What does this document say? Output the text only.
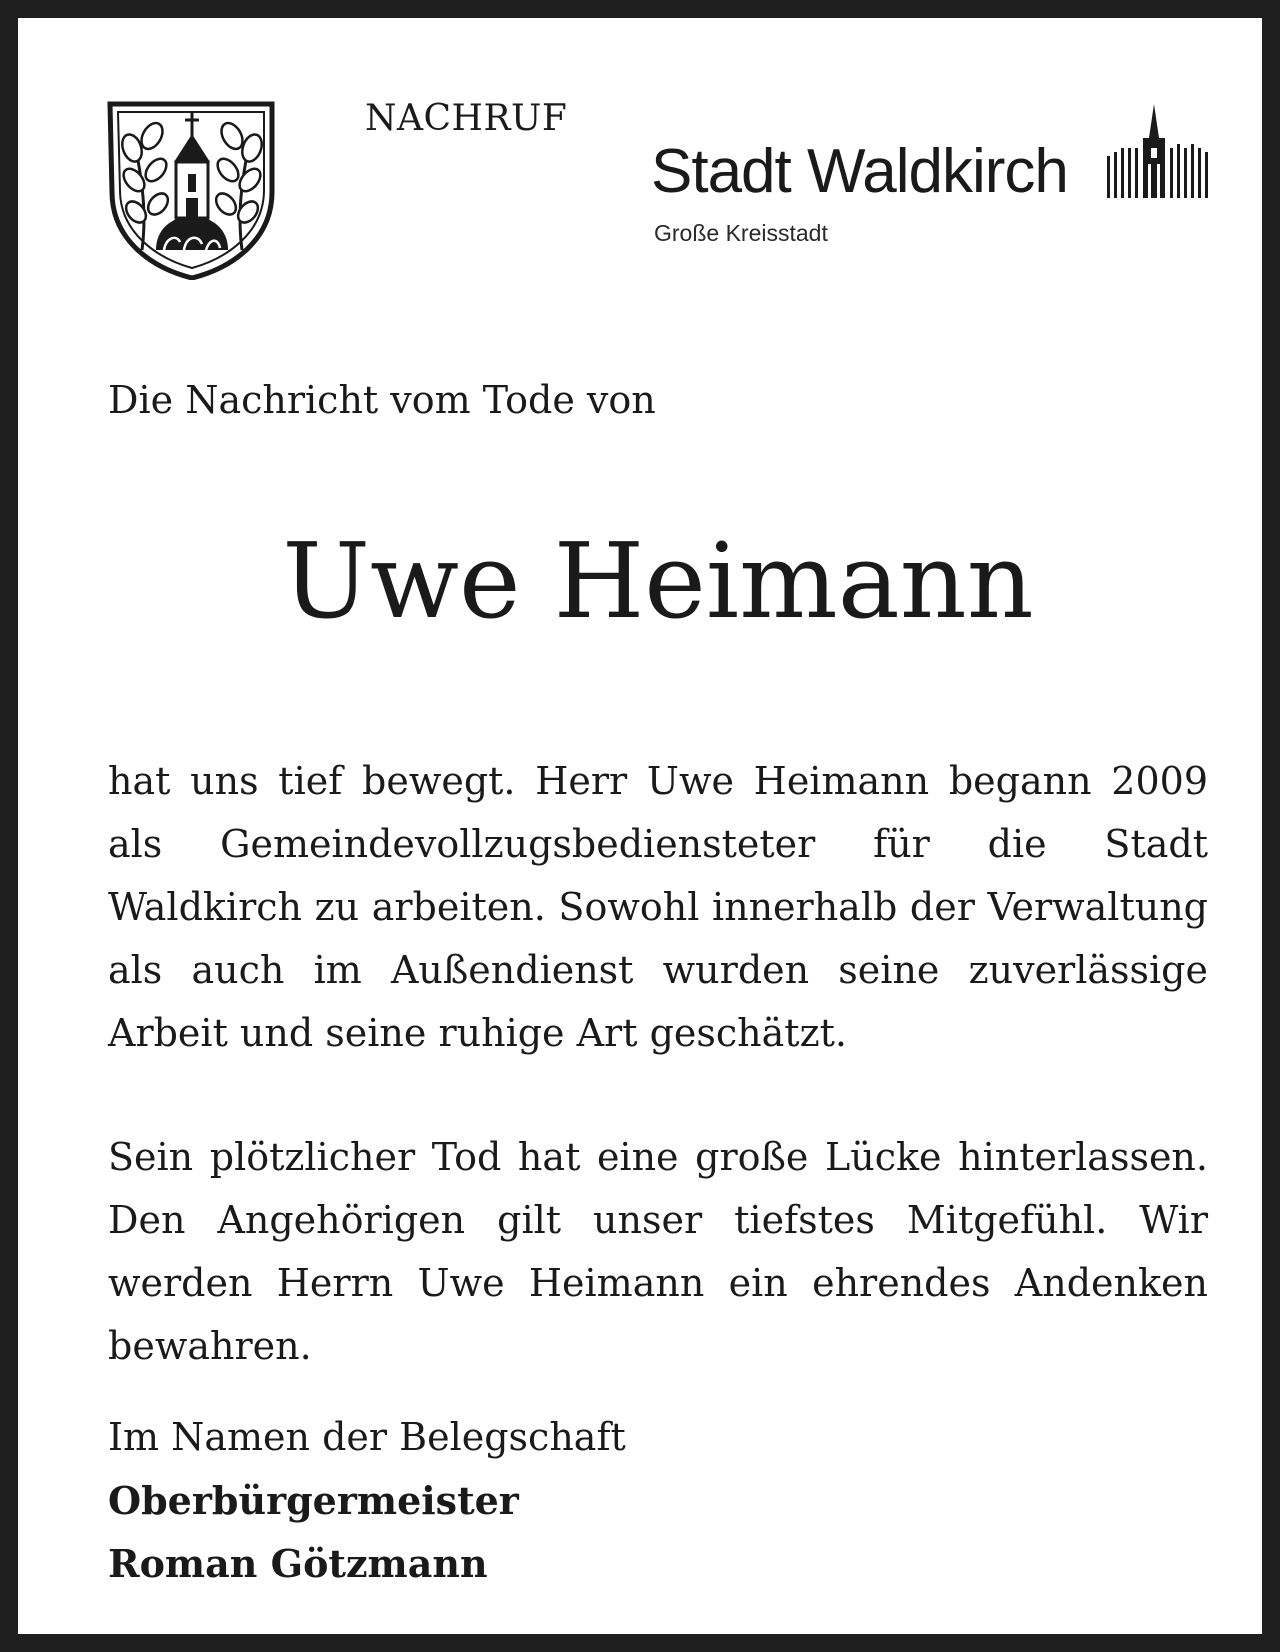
NACHRUF
Stadt Waldkirch
Große Kreisstadt
Die Nachricht vom Tode von
Uwe Heimann

hat uns tief bewegt. Herr Uwe Heimann begann 2009 als Gemeindevollzugsbediensteter für die Stadt Waldkirch zu arbeiten. Sowohl innerhalb der Verwaltung als auch im Außendienst wurden seine zuverlässige Arbeit und seine ruhige Art geschätzt.

Sein plötzlicher Tod hat eine große Lücke hinterlassen. Den Angehörigen gilt unser tiefstes Mitgefühl. Wir werden Herrn Uwe Heimann ein ehrendes Andenken bewahren.

Im Namen der Belegschaft
Oberbürgermeister
Roman Götzmann
